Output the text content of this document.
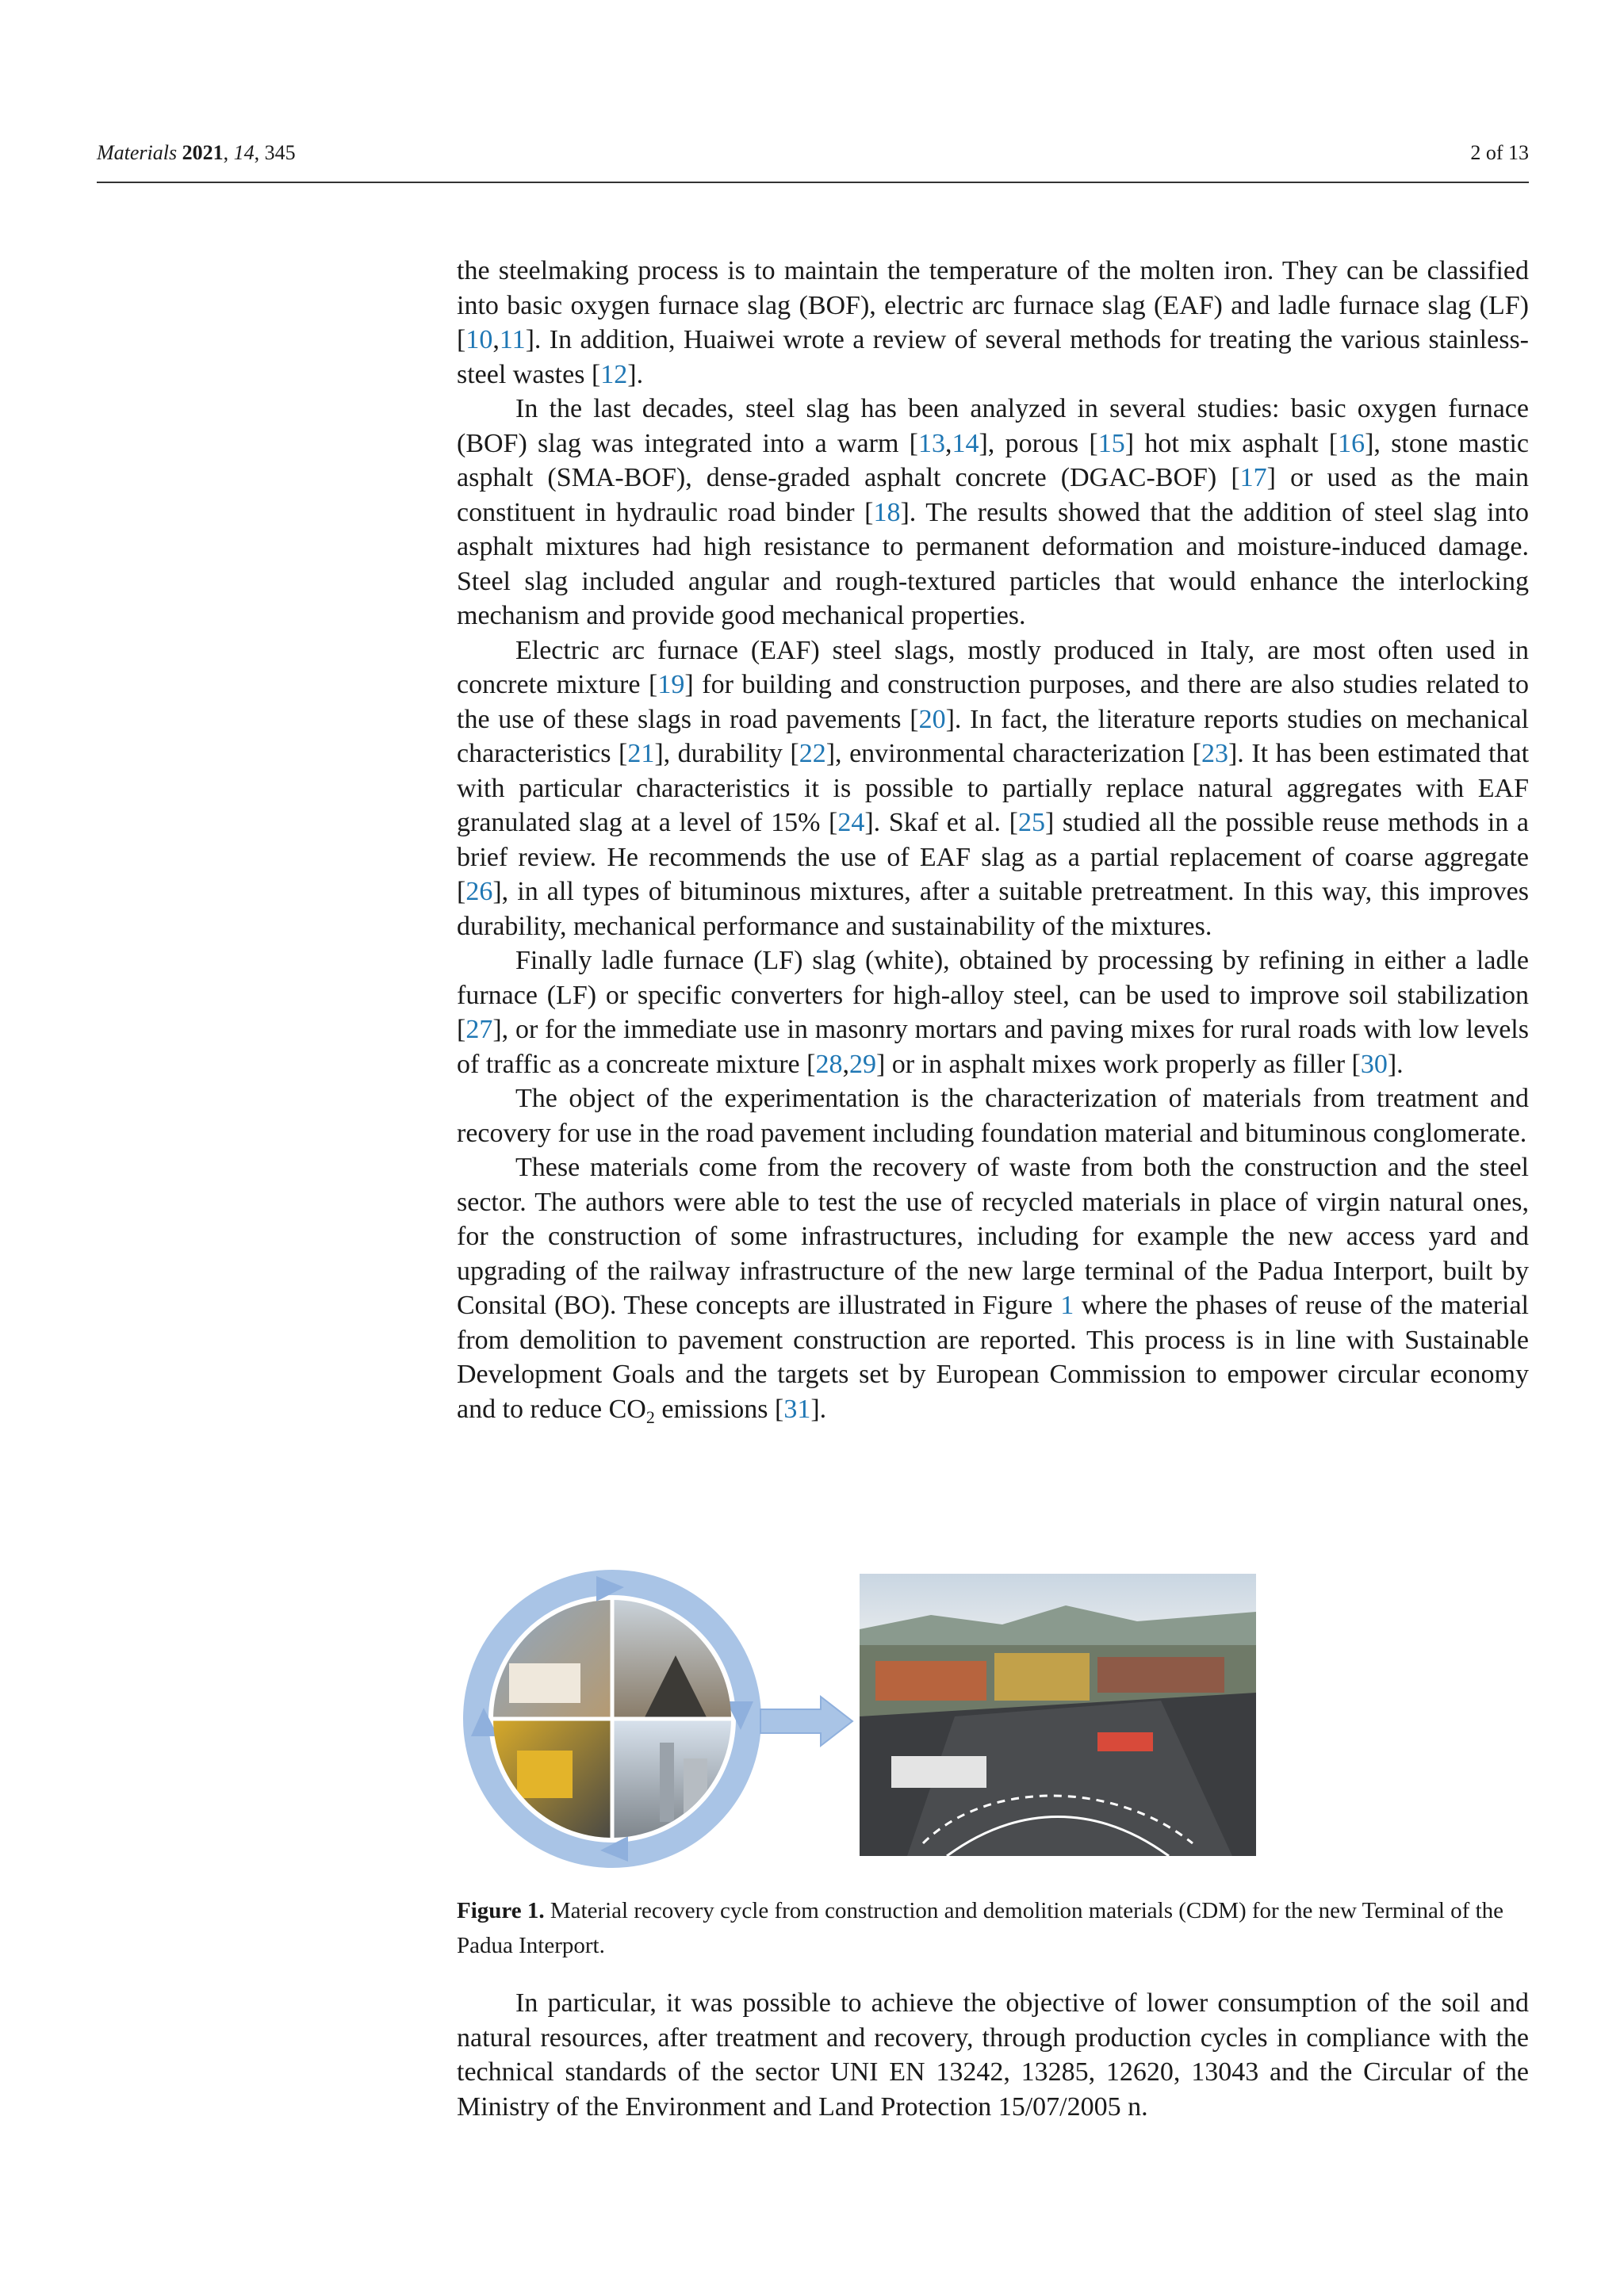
Materials 2021, 14, 345	2 of 13

the steelmaking process is to maintain the temperature of the molten iron. They can be classified into basic oxygen furnace slag (BOF), electric arc furnace slag (EAF) and ladle furnace slag (LF) [10,11]. In addition, Huaiwei wrote a review of several methods for treating the various stainless-steel wastes [12].

In the last decades, steel slag has been analyzed in several studies: basic oxygen furnace (BOF) slag was integrated into a warm [13,14], porous [15] hot mix asphalt [16], stone mastic asphalt (SMA-BOF), dense-graded asphalt concrete (DGAC-BOF) [17] or used as the main constituent in hydraulic road binder [18]. The results showed that the addition of steel slag into asphalt mixtures had high resistance to permanent deformation and moisture-induced damage. Steel slag included angular and rough-textured particles that would enhance the interlocking mechanism and provide good mechanical properties.

Electric arc furnace (EAF) steel slags, mostly produced in Italy, are most often used in concrete mixture [19] for building and construction purposes, and there are also studies related to the use of these slags in road pavements [20]. In fact, the literature reports studies on mechanical characteristics [21], durability [22], environmental characterization [23]. It has been estimated that with particular characteristics it is possible to partially replace natural aggregates with EAF granulated slag at a level of 15% [24]. Skaf et al. [25] studied all the possible reuse methods in a brief review. He recommends the use of EAF slag as a partial replacement of coarse aggregate [26], in all types of bituminous mixtures, after a suitable pretreatment. In this way, this improves durability, mechanical performance and sustainability of the mixtures.

Finally ladle furnace (LF) slag (white), obtained by processing by refining in either a ladle furnace (LF) or specific converters for high-alloy steel, can be used to improve soil stabilization [27], or for the immediate use in masonry mortars and paving mixes for rural roads with low levels of traffic as a concreate mixture [28,29] or in asphalt mixes work properly as filler [30].

The object of the experimentation is the characterization of materials from treatment and recovery for use in the road pavement including foundation material and bituminous conglomerate.

These materials come from the recovery of waste from both the construction and the steel sector. The authors were able to test the use of recycled materials in place of virgin natural ones, for the construction of some infrastructures, including for example the new access yard and upgrading of the railway infrastructure of the new large terminal of the Padua Interport, built by Consital (BO). These concepts are illustrated in Figure 1 where the phases of reuse of the material from demolition to pavement construction are reported. This process is in line with Sustainable Development Goals and the targets set by European Commission to empower circular economy and to reduce $CO_2$ emissions [31].

Figure 1. Material recovery cycle from construction and demolition materials (CDM) for the new Terminal of the Padua Interport.

In particular, it was possible to achieve the objective of lower consumption of the soil and natural resources, after treatment and recovery, through production cycles in compliance with the technical standards of the sector UNI EN 13242, 13285, 12620, 13043 and the Circular of the Ministry of the Environment and Land Protection 15/07/2005 n.
